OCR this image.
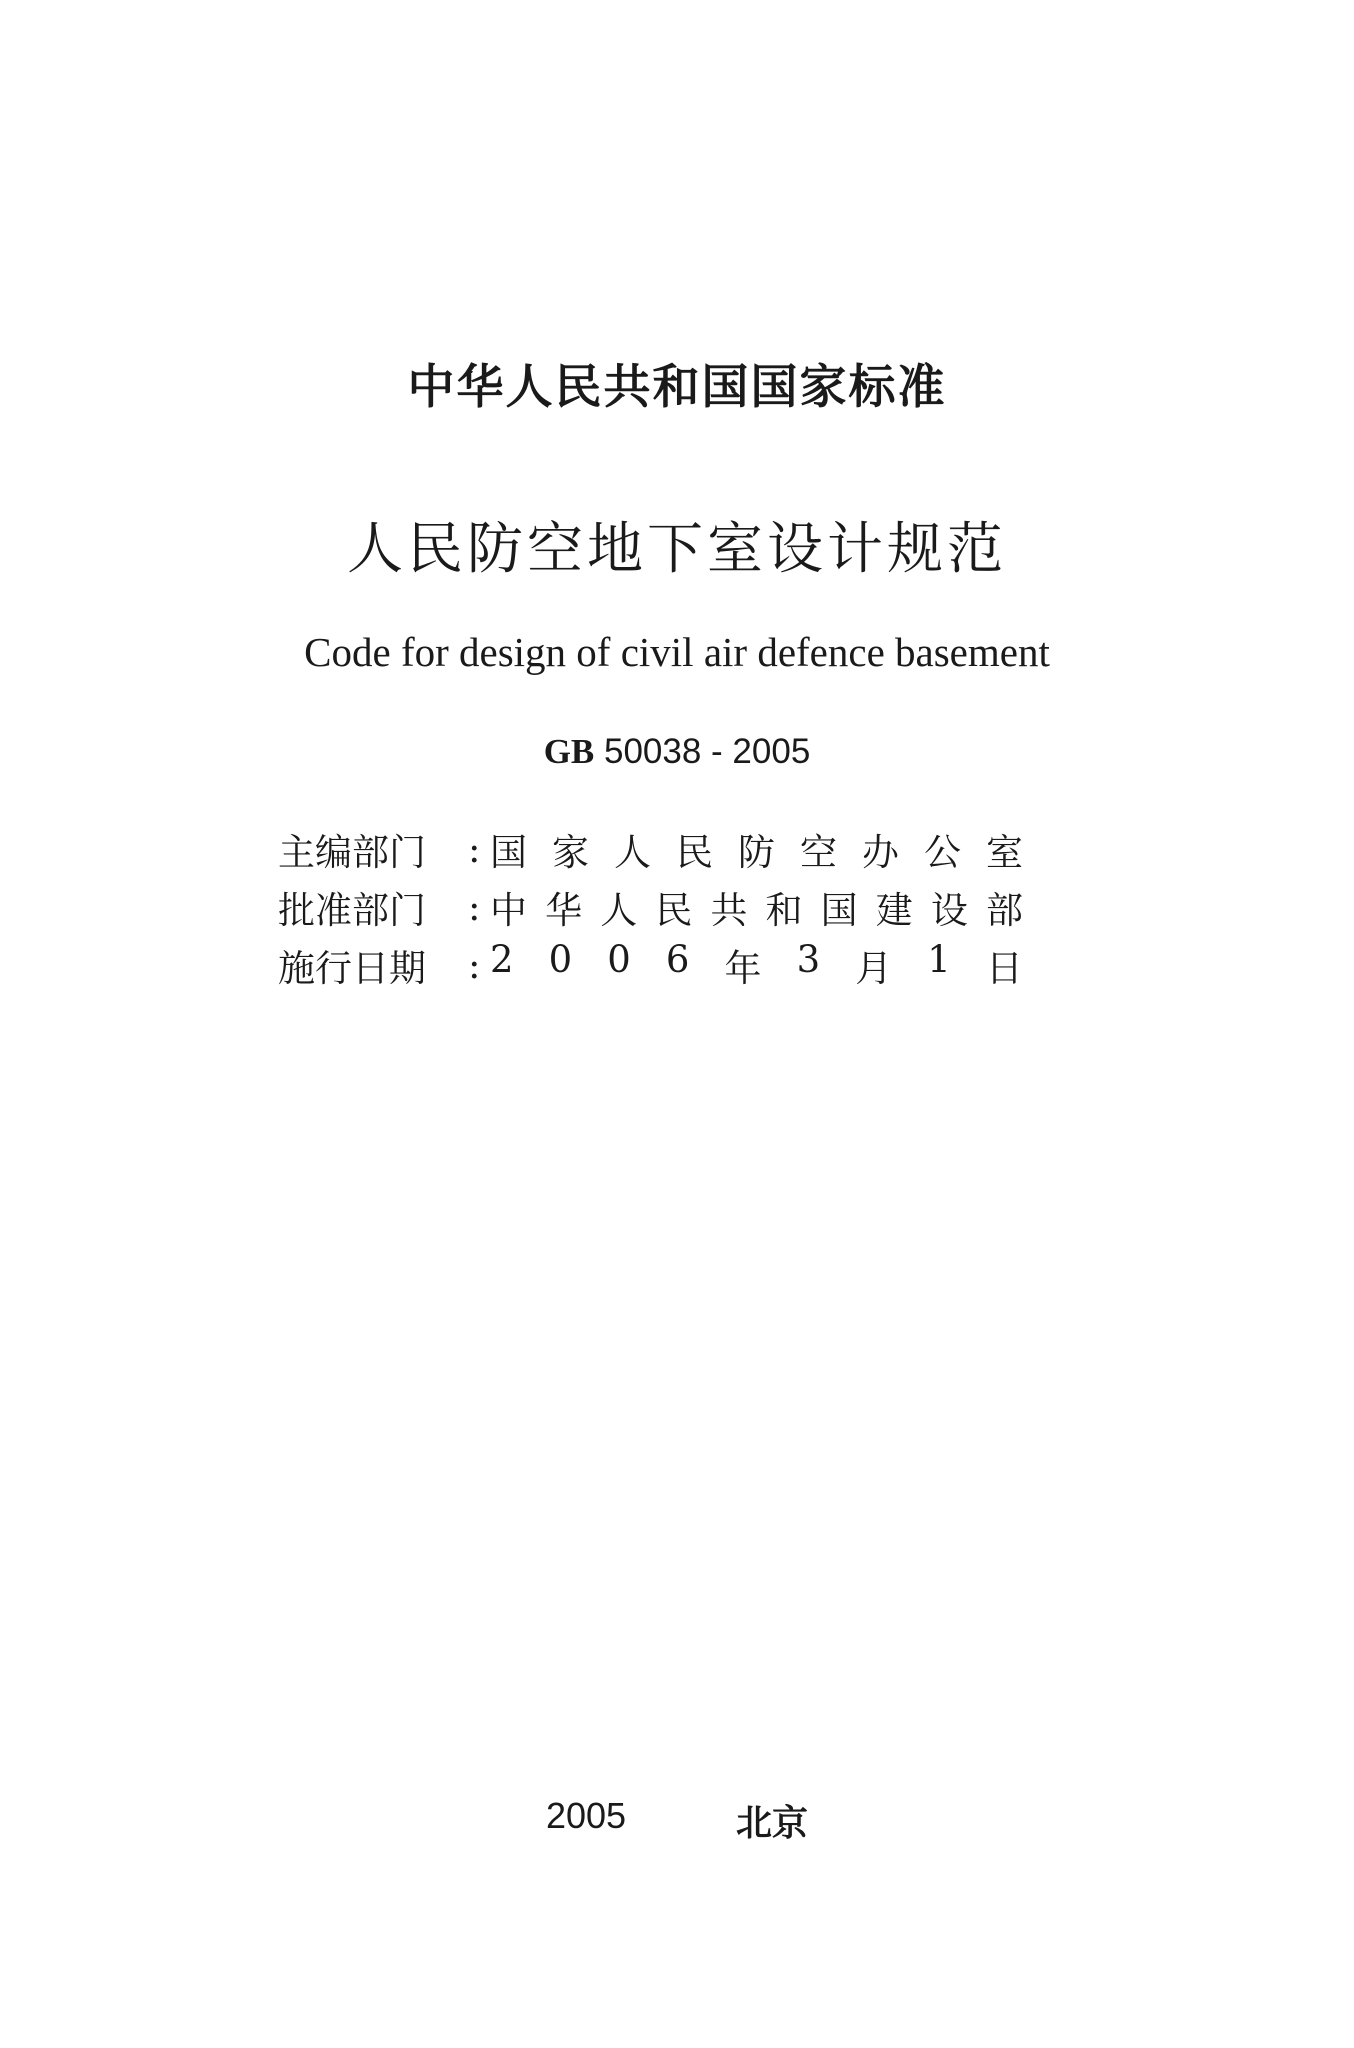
中华人民共和国国家标准
人民防空地下室设计规范
Code for design of civil air defence basement
GB 50038 - 2005
主编部门	: 国 家 人 民 防 空 办 公 室
批准部门	: 中 华 人 民 共 和 国 建 设 部
施行日期	: 2 0 0 6 年 3 月 1 日
2005	北京
